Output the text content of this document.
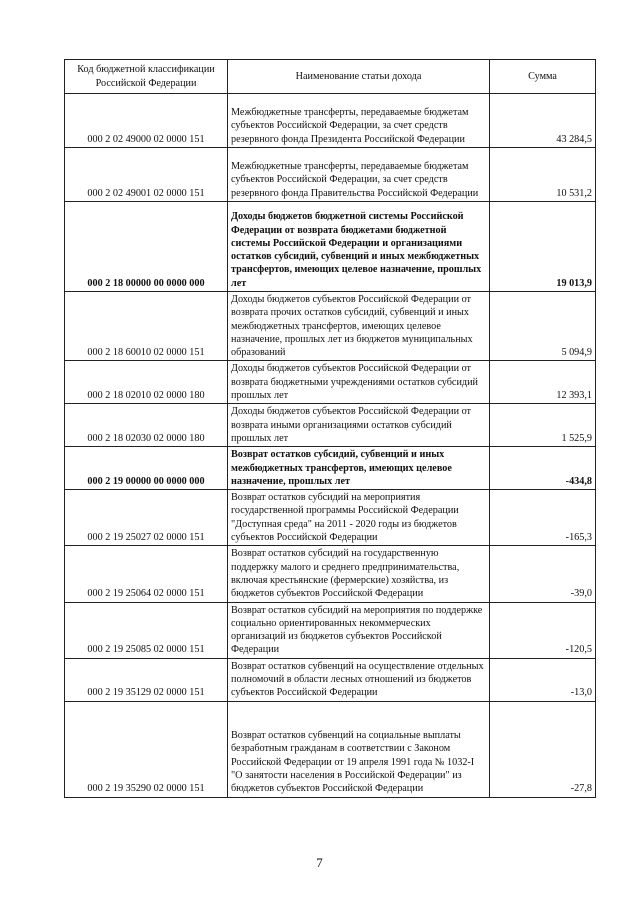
Код бюджетной классификации Российской Федерации	Наименование статьи дохода	Сумма
000 2 02 49000 02 0000 151	Межбюджетные трансферты, передаваемые бюджетам субъектов Российской Федерации, за счет средств резервного фонда Президента Российской Федерации	43 284,5
000 2 02 49001 02 0000 151	Межбюджетные трансферты, передаваемые бюджетам субъектов Российской Федерации, за счет средств резервного фонда Правительства Российской Федерации	10 531,2
000 2 18 00000 00 0000 000	Доходы бюджетов бюджетной системы Российской Федерации от возврата бюджетами бюджетной системы Российской Федерации и организациями остатков субсидий, субвенций и иных межбюджетных трансфертов, имеющих целевое назначение, прошлых лет	19 013,9
000 2 18 60010 02 0000 151	Доходы бюджетов субъектов Российской Федерации от возврата прочих остатков субсидий, субвенций и иных межбюджетных трансфертов, имеющих целевое назначение, прошлых лет из бюджетов муниципальных образований	5 094,9
000 2 18 02010 02 0000 180	Доходы бюджетов субъектов Российской Федерации от возврата бюджетными учреждениями остатков субсидий прошлых лет	12 393,1
000 2 18 02030 02 0000 180	Доходы бюджетов субъектов Российской Федерации от возврата иными организациями остатков субсидий прошлых лет	1 525,9
000 2 19 00000 00 0000 000	Возврат остатков субсидий, субвенций и иных межбюджетных трансфертов, имеющих целевое назначение, прошлых лет	-434,8
000 2 19 25027 02 0000 151	Возврат остатков субсидий на мероприятия государственной программы Российской Федерации "Доступная среда" на 2011 - 2020 годы из бюджетов субъектов Российской Федерации	-165,3
000 2 19 25064 02 0000 151	Возврат остатков субсидий на государственную поддержку малого и среднего предпринимательства, включая крестьянские (фермерские) хозяйства, из бюджетов субъектов Российской Федерации	-39,0
000 2 19 25085 02 0000 151	Возврат остатков субсидий на мероприятия по поддержке социально ориентированных некоммерческих организаций из бюджетов субъектов Российской Федерации	-120,5
000 2 19 35129 02 0000 151	Возврат остатков субвенций на осуществление отдельных полномочий в области лесных отношений из бюджетов субъектов Российской Федерации	-13,0
000 2 19 35290 02 0000 151	Возврат остатков субвенций на социальные выплаты безработным гражданам в соответствии с Законом Российской Федерации от 19 апреля 1991 года № 1032-I "О занятости населения в Российской Федерации" из бюджетов субъектов Российской Федерации	-27,8
7
